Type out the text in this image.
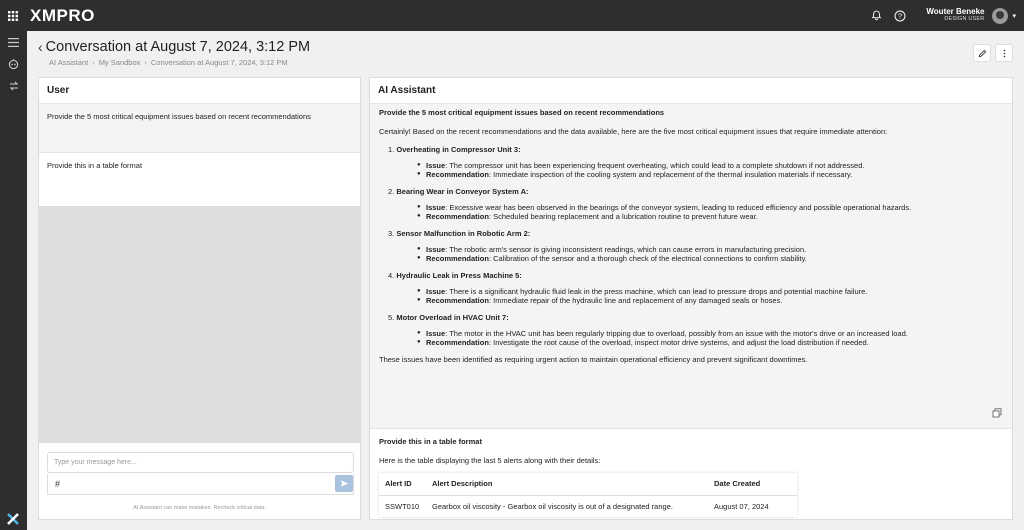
XMPRO	?	Wouter Beneke
DESIGN USER	▾
‹ Conversation at August 7, 2024, 3:12 PM
AI Assistant › My Sandbox › Conversation at August 7, 2024, 3:12 PM
User
Provide the 5 most critical equipment issues based on recent recommendations
Provide this in a table format
Type your message here...
#
AI Assistant can make mistakes. Recheck critical data.
AI Assistant
Provide the 5 most critical equipment issues based on recent recommendations
Certainly! Based on the recent recommendations and the data available, here are the five most critical equipment issues that require immediate attention:
1. Overheating in Compressor Unit 3:
● Issue: The compressor unit has been experiencing frequent overheating, which could lead to a complete shutdown if not addressed.
● Recommendation: Immediate inspection of the cooling system and replacement of the thermal insulation materials if necessary.
2. Bearing Wear in Conveyor System A:
● Issue: Excessive wear has been observed in the bearings of the conveyor system, leading to reduced efficiency and possible operational hazards.
● Recommendation: Scheduled bearing replacement and a lubrication routine to prevent future wear.
3. Sensor Malfunction in Robotic Arm 2:
● Issue: The robotic arm's sensor is giving inconsistent readings, which can cause errors in manufacturing precision.
● Recommendation: Calibration of the sensor and a thorough check of the electrical connections to confirm stability.
4. Hydraulic Leak in Press Machine 5:
● Issue: There is a significant hydraulic fluid leak in the press machine, which can lead to pressure drops and potential machine failure.
● Recommendation: Immediate repair of the hydraulic line and replacement of any damaged seals or hoses.
5. Motor Overload in HVAC Unit 7:
● Issue: The motor in the HVAC unit has been regularly tripping due to overload, possibly from an issue with the motor's drive or an increased load.
● Recommendation: Investigate the root cause of the overload, inspect motor drive systems, and adjust the load distribution if needed.
These issues have been identified as requiring urgent action to maintain operational efficiency and prevent significant downtimes.
Provide this in a table format
Here is the table displaying the last 5 alerts along with their details:
Alert ID	Alert Description	Date Created
SSWT010	Gearbox oil viscosity - Gearbox oil viscosity is out of a designated range.	August 07, 2024
